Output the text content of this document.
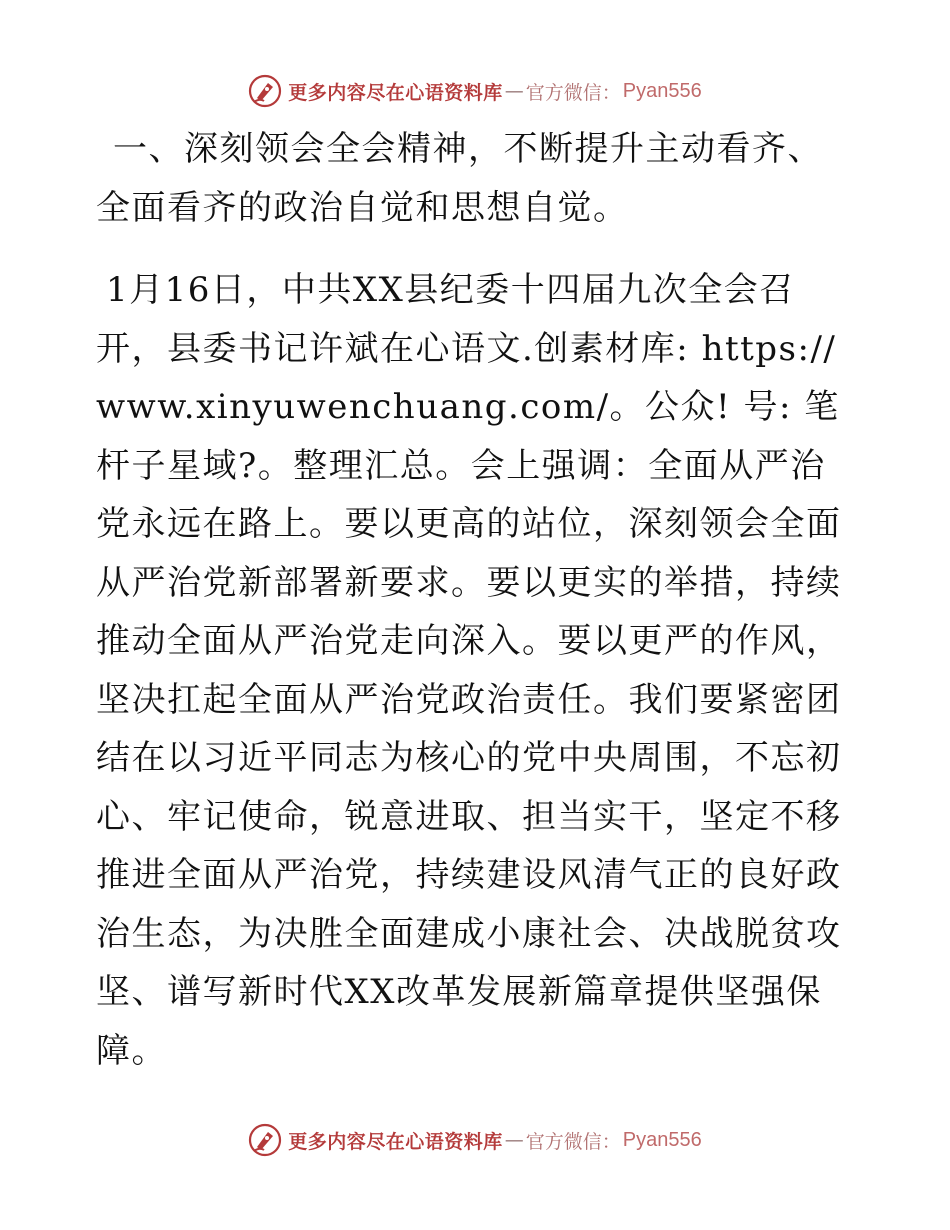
更多内容尽在心语资料库 — 官方微信： Pyan556

一、深刻领会全会精神，不断提升主动看齐、全面看齐的政治自觉和思想自觉。

1月16日，中共XX县纪委十四届九次全会召开，县委书记许斌在心语文.创素材库: https://www.xinyuwenchuang.com/。公众! 号: 笔杆子星域?。整理汇总。会上强调：全面从严治党永远在路上。要以更高的站位，深刻领会全面从严治党新部署新要求。要以更实的举措，持续推动全面从严治党走向深入。要以更严的作风，坚决扛起全面从严治党政治责任。我们要紧密团结在以习近平同志为核心的党中央周围，不忘初心、牢记使命，锐意进取、担当实干，坚定不移推进全面从严治党，持续建设风清气正的良好政治生态，为决胜全面建成小康社会、决战脱贫攻坚、谱写新时代XX改革发展新篇章提供坚强保障。

更多内容尽在心语资料库 — 官方微信： Pyan556
